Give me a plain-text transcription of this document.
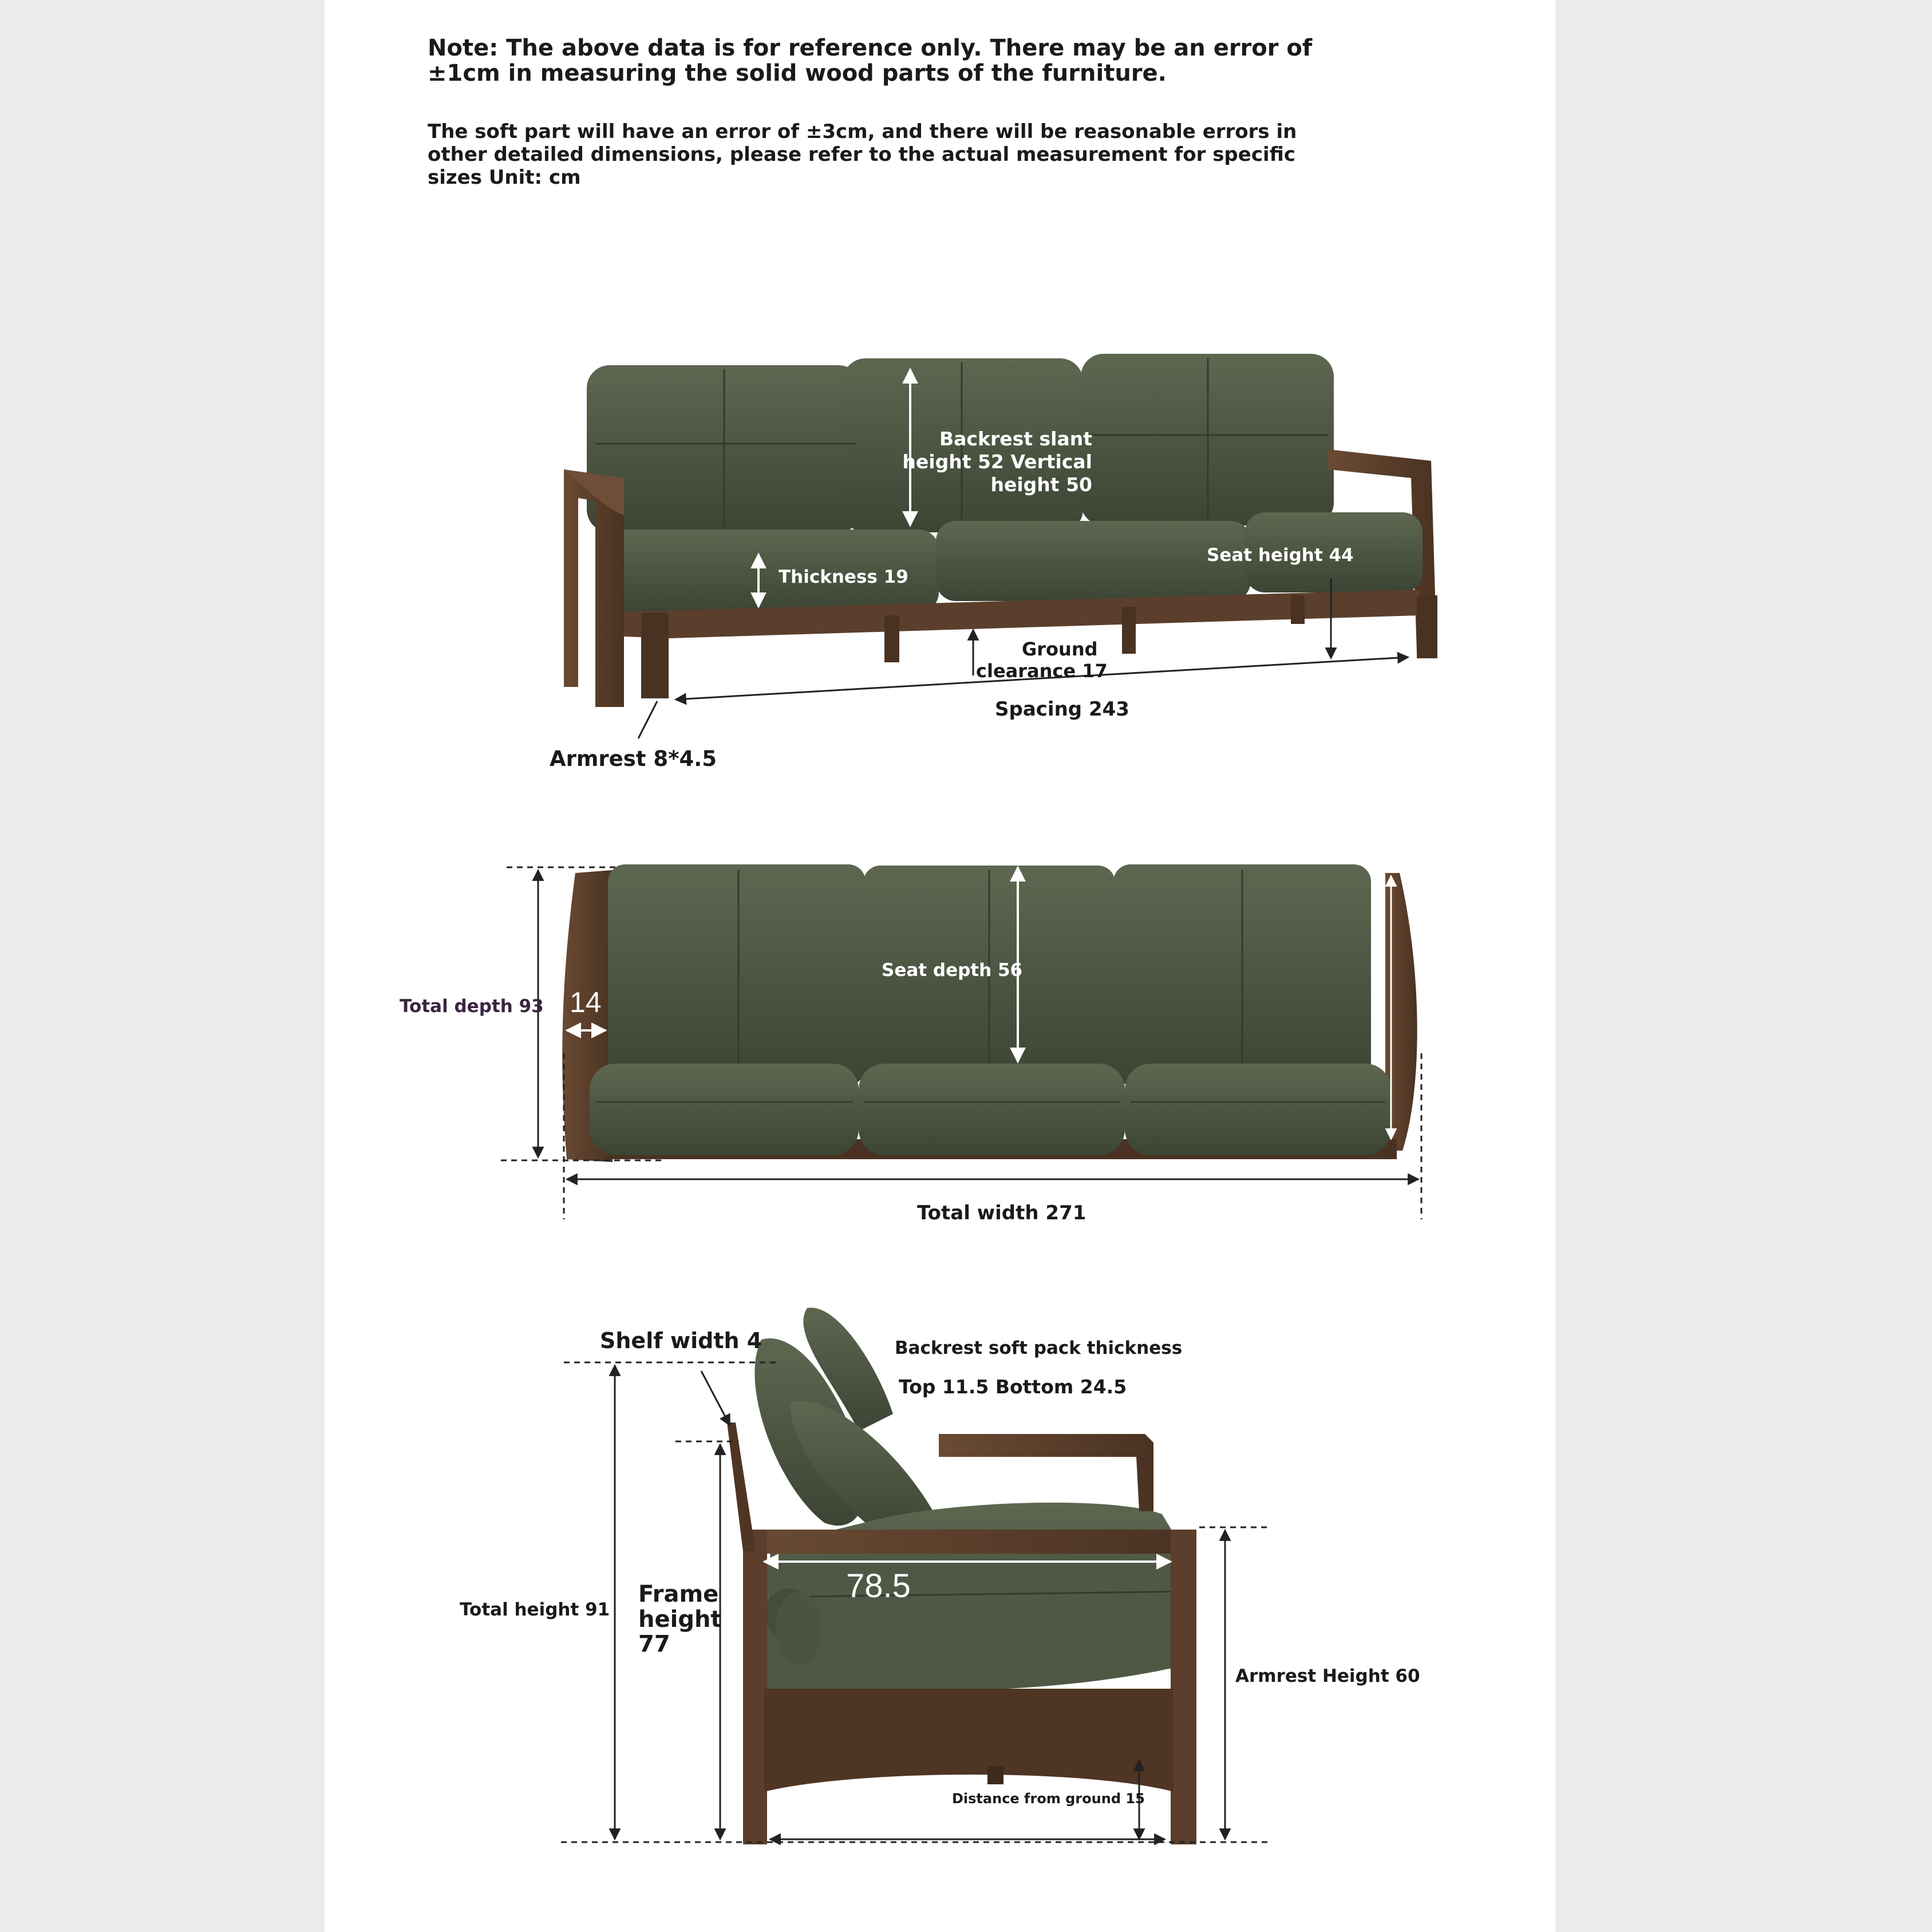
Note: The above data is for reference only. There may be an error of ±1cm in measuring the solid wood parts of the furniture.

The soft part will have an error of ±3cm, and there will be reasonable errors in other detailed dimensions, please refer to the actual measurement for specific sizes Unit: cm

Backrest slant
height 52 Vertical
height 50
Thickness 19
Seat height 44
Ground
clearance 17
Spacing 243
Armrest 8*4.5
Total depth 93 14
Seat depth 56
Total width 271
Shelf width 4	Backrest soft pack thickness
Top 11.5 Bottom 24.5
78.5
Total height 91
Frame
height
77
Armrest Height 60
Distance from ground 15
